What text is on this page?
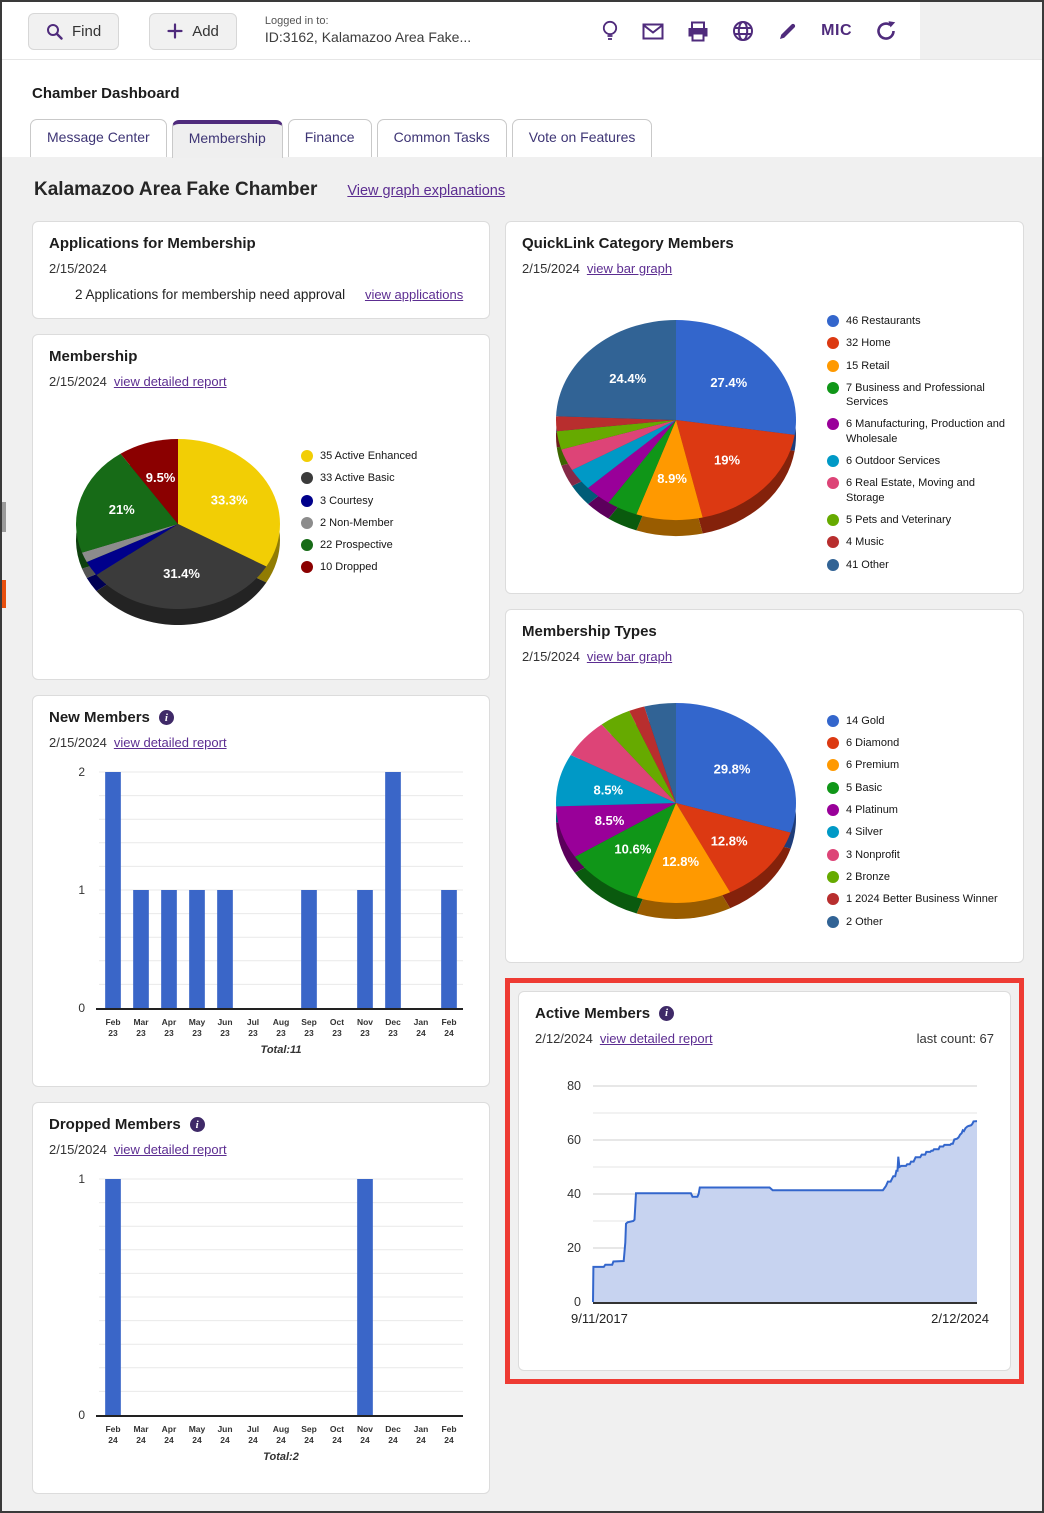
Find	Add
Logged in to:
ID:3162, Kalamazoo Area Fake...	MIC
Chamber Dashboard
Message Center	Membership	Finance	Common Tasks	Vote on Features
Kalamazoo Area Fake Chamber View graph explanations
Applications for Membership
2/15/2024
2 Applications for membership need approval view applications
Membership
2/15/2024 view detailed report
33.3%
31.4%
21%
9.5%
35 Active Enhanced
33 Active Basic
3 Courtesy
2 Non-Member
22 Prospective
10 Dropped
New Members	i
2/15/2024 view detailed report
0
1
2
Feb
23
Mar
23
Apr
23
May
23
Jun
23
Jul
23
Aug
23
Sep
23
Oct
23
Nov
23
Dec
23
Jan
24
Feb
24
Total:11
Dropped Members	i
2/15/2024 view detailed report
0
1
Feb
24
Mar
24
Apr
24
May
24
Jun
24
Jul
24
Aug
24
Sep
24
Oct
24
Nov
24
Dec
24
Jan
24
Feb
24
Total:2
QuickLink Category Members
2/15/2024 view bar graph
27.4%
19%
8.9%
24.4%
46 Restaurants
32 Home
15 Retail
7 Business and Professional Services
6 Manufacturing, Production and Wholesale
6 Outdoor Services
6 Real Estate, Moving and Storage
5 Pets and Veterinary
4 Music
41 Other
Membership Types
2/15/2024 view bar graph
29.8%
12.8%
12.8%
10.6%
8.5%
8.5%
14 Gold
6 Diamond
6 Premium
5 Basic
4 Platinum
4 Silver
3 Nonprofit
2 Bronze
1 2024 Better Business Winner
2 Other
Active Members	i
2/12/2024 view detailed report	last count: 67
0
20
40
60
80
9/11/2017	2/12/2024
